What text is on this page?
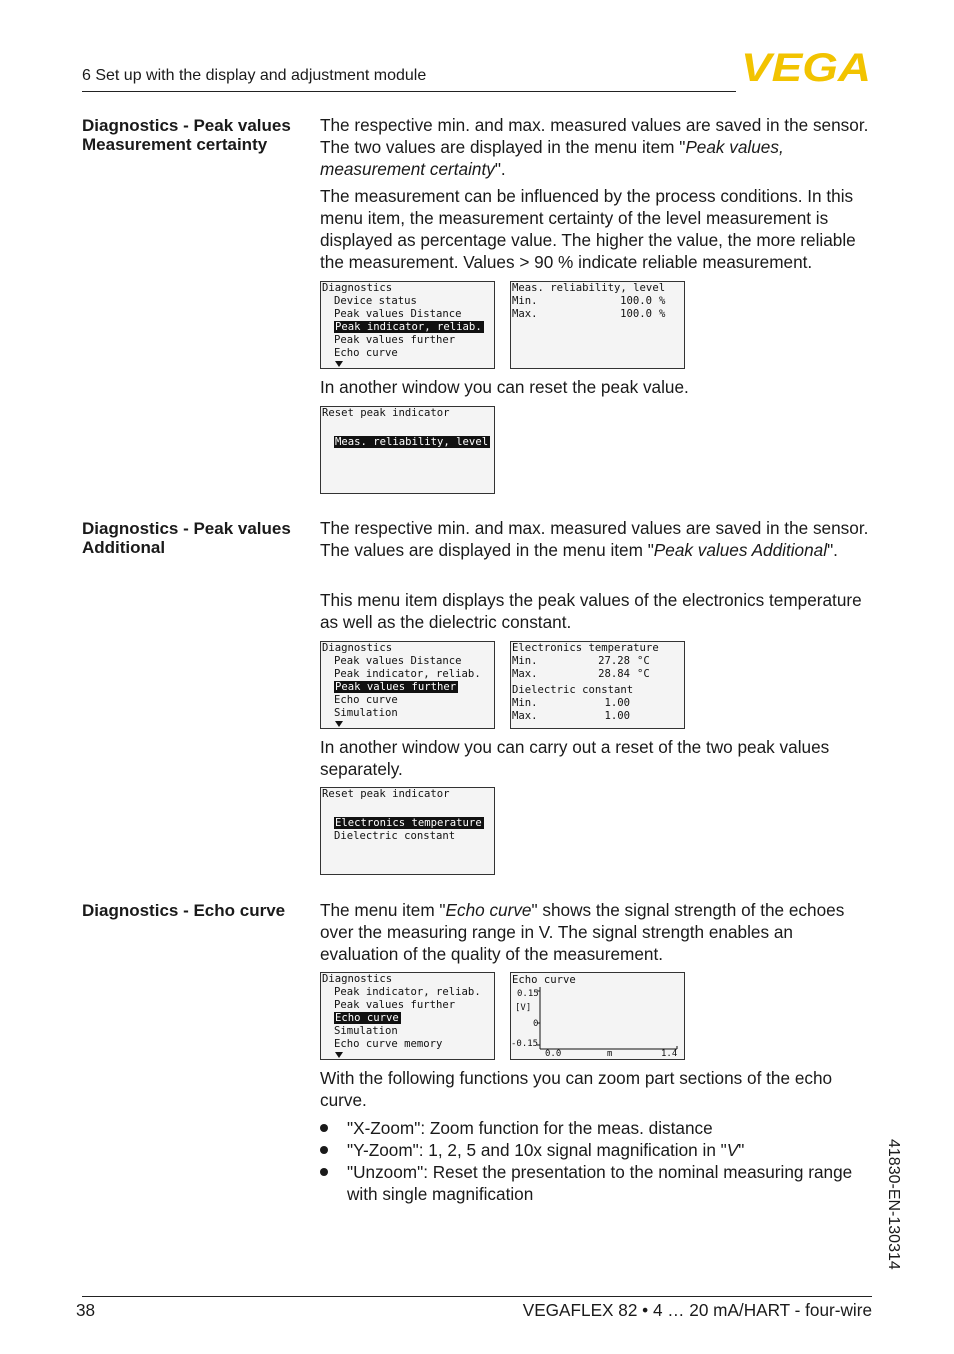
6 Set up with the display and adjustment module	VEGA
Diagnostics - Peak values
Measurement certainty

The respective min. and max. measured values are saved in the sensor. The two values are displayed in the menu item "Peak values, measurement certainty".

The measurement can be influenced by the process conditions. In this menu item, the measurement certainty of the level measurement is displayed as percentage value. The higher the value, the more reliable the measurement. Values > 90 % indicate reliable measurement.

Diagnostics
Device status
Peak values Distance
Peak indicator, reliab.
Peak values further
Echo curve
Meas. reliability, level
Min.	100.0 %
Max.	100.0 %

In another window you can reset the peak value.

Reset peak indicator
Meas. reliability, level
Diagnostics - Peak values
Additional

The respective min. and max. measured values are saved in the sensor. The values are displayed in the menu item "Peak values Additional".

This menu item displays the peak values of the electronics temperature as well as the dielectric constant.

Diagnostics
Peak values Distance
Peak indicator, reliab.
Peak values further
Echo curve
Simulation
Electronics temperature
Min.	27.28 °C
Max.	28.84 °C
Dielectric constant
Min.	1.00
Max.	1.00

In another window you can carry out a reset of the two peak values separately.

Reset peak indicator
Electronics temperature
Dielectric constant
Diagnostics - Echo curve The menu item "Echo curve" shows the signal strength of the echoes over the measuring range in V. The signal strength enables an evaluation of the quality of the measurement.

Diagnostics
Peak indicator, reliab.
Peak values further
Echo curve
Simulation
Echo curve memory
Echo curve
0.15
[V]
0
-0.15
0.0	m	1.4

With the following functions you can zoom part sections of the echo curve.

"X-Zoom": Zoom function for the meas. distance
"Y-Zoom": 1, 2, 5 and 10x signal magnification in "V"
"Unzoom": Reset the presentation to the nominal measuring range with single magnification	41830-EN-130314
38	VEGAFLEX 82 • 4 … 20 mA/HART - four-wire
